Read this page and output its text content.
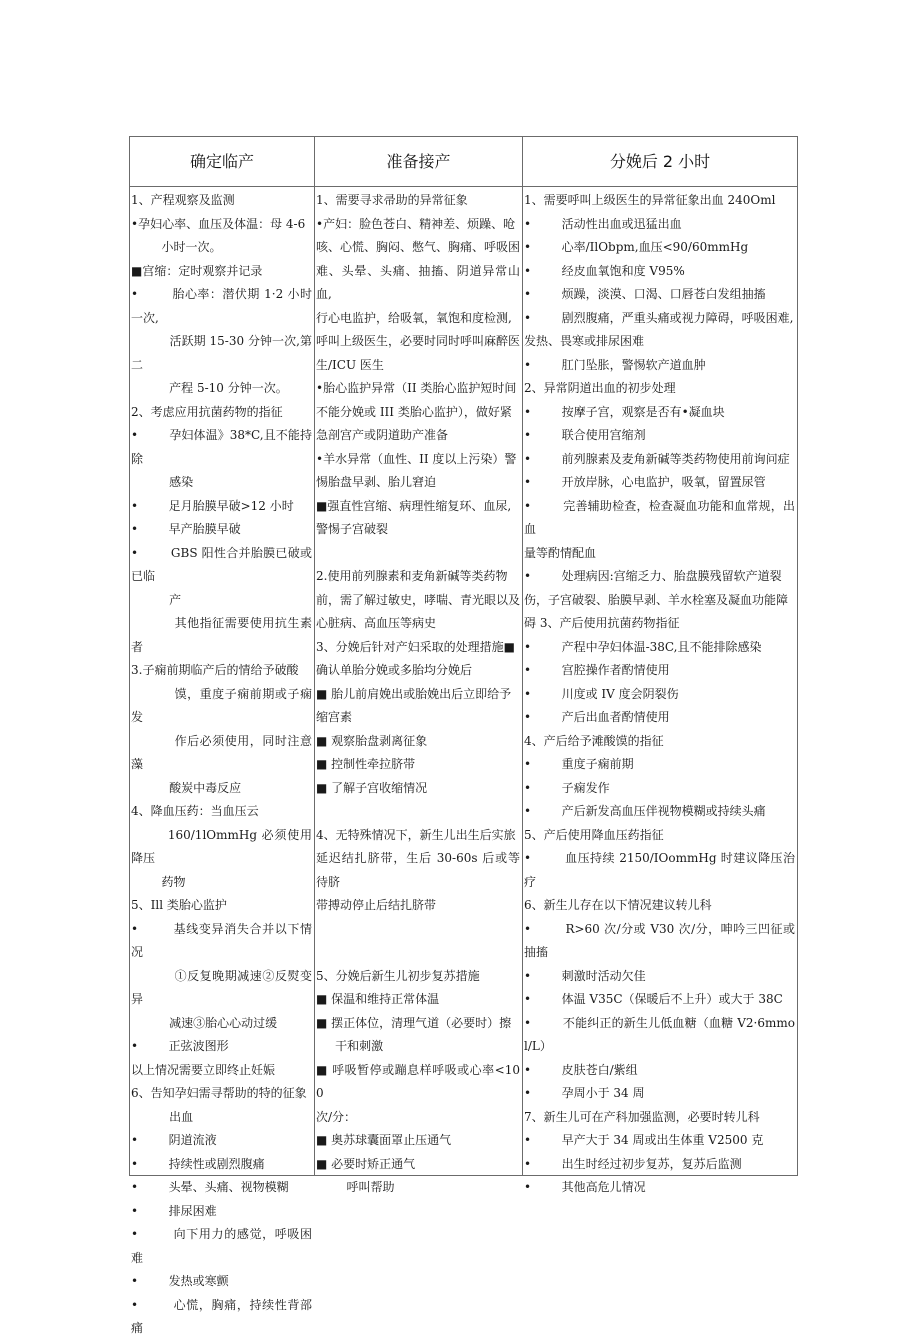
确定临产	准备接产	分娩后 2 小时
1、产程观察及监测
•孕妇心率、血压及体温：母 4-6
小时一次。
■宫缩：定时观察并记录
•        胎心率：潜伏期 1·2 小时一次,
活跃期 15-30 分钟一次,第二
产程 5-10 分钟一次。
2、考虑应用抗菌药物的指征
•        孕妇体温》38*C,且不能持除
感染
•        足月胎膜早破>12 小时
•        早产胎膜早破
•        GBS 阳性合并胎膜已破或已临
产
其他指征需要使用抗生素者
3.子痫前期临产后的情给予破酸
馍，重度子痫前期或子痫发
作后必须使用，同时注意藻
酸炭中毒反应
4、降血压药：当血压云
160/1lOmmHg 必须使用降压
药物
5、Ill 类胎心监护
•        基线变异消失合并以下情况
①反复晚期减速②反熨变异
减速③胎心心动过缓
•        正弦波图形
以上情况需要立即终止妊娠
6、告知孕妇需寻帮助的特的征象
出血
•        阴道流液
•        持续性或剧烈腹痛
•        头晕、头痛、视物模糊
•        排尿困难
•        向下用力的感觉，呼吸困难
•        发热或寒颤
•        心慌，胸痛，持续性背部痛
1、需要寻求帚助的异常征象
•产妇：脸色苍白、精神差、烦躁、呛
咳、心慌、胸闷、憋气、胸痛、呼吸困
难、头晕、头痛、抽搐、阴道异常山血,
行心电监护，给吸氧，氧饱和度检测,
呼叫上级医生，必要时同时呼叫麻醉医
生/ICU 医生
•胎心监护异常（II 类胎心监护短时间
不能分娩或 III 类胎心监护），做好紧
急剖宫产或阴道助产准备
•羊水异常（血性、II 度以上污染）警
惕胎盘早剥、胎儿窘迫
■强直性宫缩、病理性缩复环、血尿,
警惕子宫破裂
2.使用前列腺素和麦角新碱等类药物
前，需了解过敏史，哮喘、青光眼以及
心脏病、高血压等病史
3、分娩后针对产妇采取的处理措施■
确认单胎分娩或多胎均分娩后
■ 胎儿前肩娩出或胎娩出后立即给予
缩宫素
■ 观察胎盘剥离征象
■ 控制性牵拉脐带
■ 了解子宫收缩情况
4、无特殊情况下，新生儿出生后实旅
延迟结扎脐带，生后 30-60s 后或等待脐
带搏动停止后结扎脐带
5、分娩后新生儿初步复苏措施
■ 保温和维持正常体温
■ 摆正体位，清理气道（必要时）擦
干和刺激
■ 呼吸暂停或蹦息样呼吸或心率<100
次/分：
■ 奥苏球囊面罩止压通气
■ 必要时矫正通气
呼叫帮助
1、需要呼叫上级医生的异常征象出血 240Oml
•        活动性出血或迅猛出血
•        心率/IlObpm,血压<90/60mmHg
•        经皮血氧饱和度 V95%
•        烦躁，淡漠、口渴、口唇苍白发组抽搐
•        剧烈腹痛，严重头痛或视力障碍，呼吸困难,
发热、畏寒或排尿困难
•        肛门坠胀，警惕软产道血肿
2、异常阴道出血的初步处理
•        按摩子宫，观察是否有•凝血块
•        联合使用宫缩剂
•        前列腺素及麦角新碱等类药物使用前询问症
•        开放岸脉，心电监护，吸氧，留置尿管
•        完善辅助检查，检查凝血功能和血常规，出血
量等酌情配血
•        处理病因:宫缩乏力、胎盘膜残留软产道裂
伤，子宫破裂、胎膜早剥、羊水栓塞及凝血功能障
碍 3、产后使用抗菌药物指征
•        产程中孕妇体温-38C,且不能排除感染
•        宫腔操作者酌情使用
•        川度或 IV 度会阴裂伤
•        产后出血者酌情使用
4、产后给予滩酸馍的指征
•        重度子痫前期
•        子痫发作
•        产后新发高血压伴视物模糊或持续头痛
5、产后使用降血压药指征
•        血压持续 2150/IOommHg 时建议降压治疗
6、新生儿存在以下情况建议转儿科
•        R>60 次/分或 V30 次/分，呻吟三凹征或抽搐
•        刺激时活动欠佳
•        体温 V35C（保暖后不上升）或大于 38C
•        不能纠正的新生儿低血糖（血糖 V2·6mmol/L）
•        皮肤苍白/紫组
•        孕周小于 34 周
7、新生儿可在产科加强监测，必要时转儿科
•        早产大于 34 周或出生体重 V2500 克
•        出生时经过初步复苏，复苏后监测
•        其他高危儿情况
